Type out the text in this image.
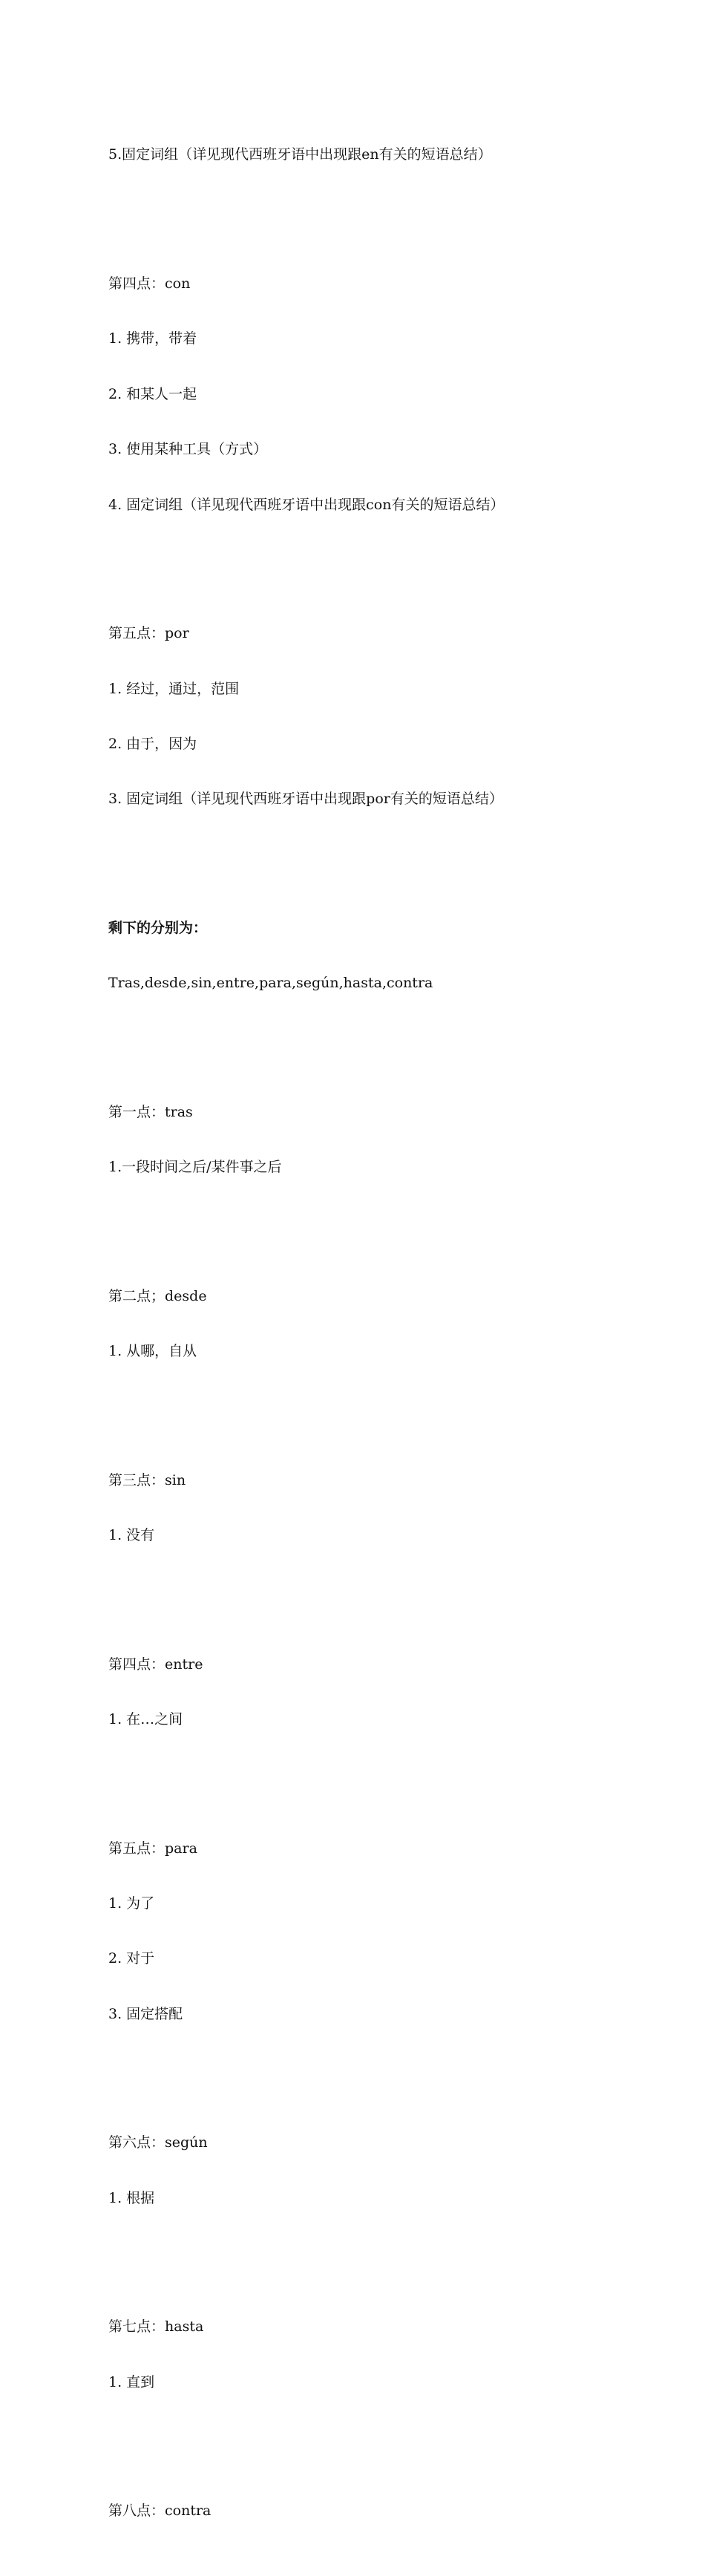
5.固定词组（详见现代西班牙语中出现跟en有关的短语总结）

第四点：con

1. 携带，带着

2. 和某人一起

3. 使用某种工具（方式）

4. 固定词组（详见现代西班牙语中出现跟con有关的短语总结）

第五点：por

1. 经过，通过，范围

2. 由于，因为

3. 固定词组（详见现代西班牙语中出现跟por有关的短语总结）

剩下的分别为：

Tras,desde,sin,entre,para,según,hasta,contra

第一点：tras

1.一段时间之后/某件事之后

第二点；desde

1. 从哪，自从

第三点：sin

1. 没有

第四点：entre

1. 在…之间

第五点：para

1. 为了

2. 对于

3. 固定搭配

第六点：según

1. 根据

第七点：hasta

1. 直到

第八点：contra
